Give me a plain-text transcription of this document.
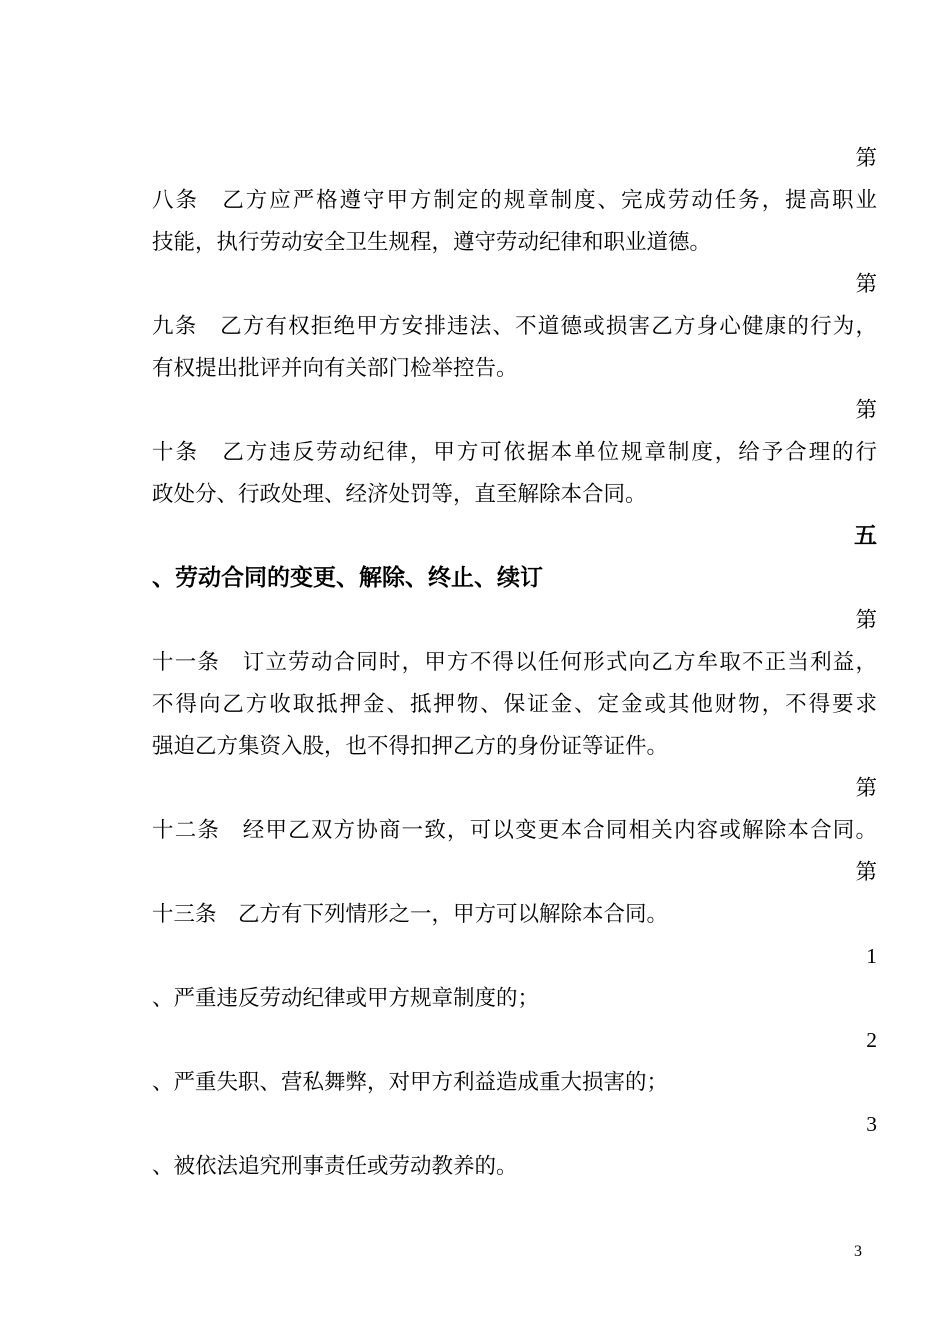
第
八条　乙方应严格遵守甲方制定的规章制度、完成劳动任务，提高职业
技能，执行劳动安全卫生规程，遵守劳动纪律和职业道德。
第
九条　乙方有权拒绝甲方安排违法、不道德或损害乙方身心健康的行为，
有权提出批评并向有关部门检举控告。
第
十条　乙方违反劳动纪律，甲方可依据本单位规章制度，给予合理的行
政处分、行政处理、经济处罚等，直至解除本合同。
五
、劳动合同的变更、解除、终止、续订
第
十一条　订立劳动合同时，甲方不得以任何形式向乙方牟取不正当利益，
不得向乙方收取抵押金、抵押物、保证金、定金或其他财物，不得要求
强迫乙方集资入股，也不得扣押乙方的身份证等证件。
第
十二条　经甲乙双方协商一致，可以变更本合同相关内容或解除本合同。
第
十三条　乙方有下列情形之一，甲方可以解除本合同。
1
、严重违反劳动纪律或甲方规章制度的；
2
、严重失职、营私舞弊，对甲方利益造成重大损害的；
3
、被依法追究刑事责任或劳动教养的。
3
